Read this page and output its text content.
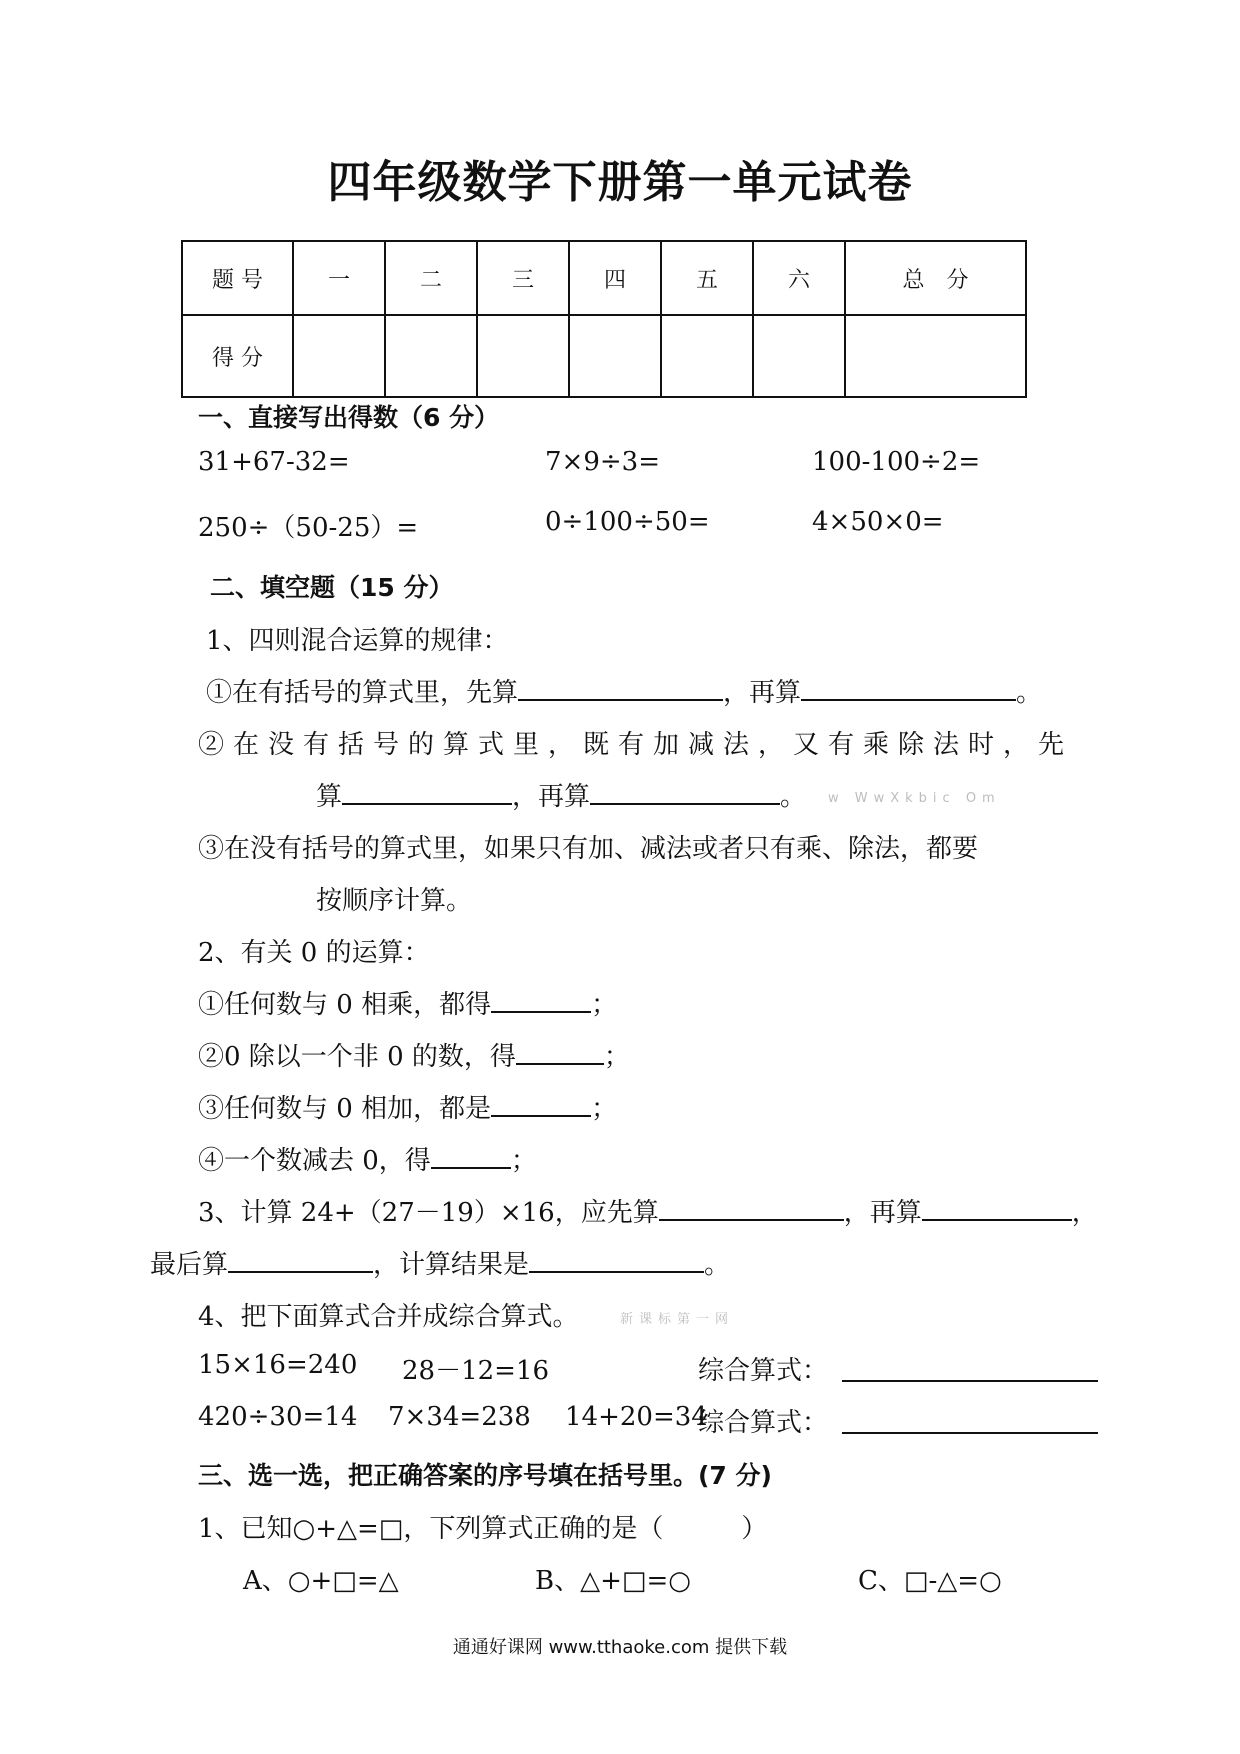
四年级数学下册第一单元试卷
题 号	一	二	三	四	五	六	总　分
得 分							
一、直接写出得数（6 分）
31+67-32=	7×9÷3=	100-100÷2=
250÷（50-25）=	0÷100÷50=	4×50×0=
二、填空题（15 分）
1、四则混合运算的规律：
①在有括号的算式里，先算	，再算	。
②在没有括号的算式里，既有加减法，又有乘除法时，先
算	，再算	。 w WwXkbic Om
③在没有括号的算式里，如果只有加、减法或者只有乘、除法，都要
按顺序计算。
2、有关 0 的运算：
①任何数与 0 相乘，都得	；
②0 除以一个非 0 的数，得	；
③任何数与 0 相加，都是	；
④一个数减去 0，得	；
3、计算 24+（27－19）×16，应先算	，再算	，
最后算	，计算结果是	。
4、把下面算式合并成综合算式。	新课标第一网
15×16=240 28－12=16	综合算式：
420÷30=14 7×34=238 14+20=34
综合算式：
三、选一选，把正确答案的序号填在括号里。(7 分)
1、已知○+△=□，下列算式正确的是（　　　）
A、○+□=△	B、△+□=○	C、□-△=○
通通好课网 www.tthaoke.com 提供下载
